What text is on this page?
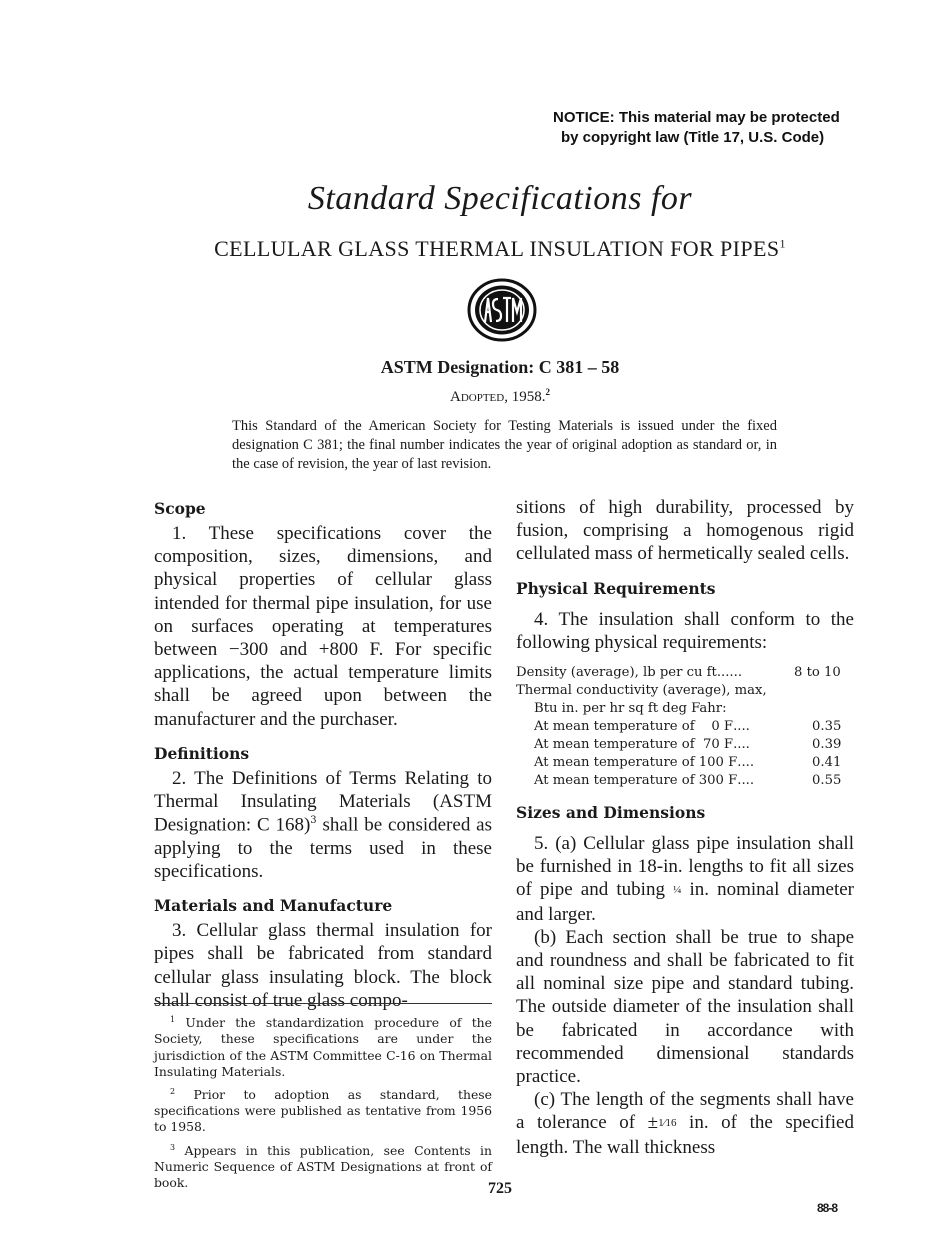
NOTICE: This material may be protected
by copyright law (Title 17, U.S. Code)
Standard Specifications for
CELLULAR GLASS THERMAL INSULATION FOR PIPES$^1$
ASTM Designation: C 381 – 58
Adopted, 1958.$^2$
This Standard of the American Society for Testing Materials is issued under the fixed designation C 381; the final number indicates the year of original adoption as standard or, in the case of revision, the year of last revision.
Scope

1. These specifications cover the composition, sizes, dimensions, and physical properties of cellular glass intended for thermal pipe insulation, for use on surfaces operating at temperatures between −300 and +800 F. For specific applications, the actual temperature limits shall be agreed upon between the manufacturer and the purchaser.

Definitions

2. The Definitions of Terms Relating to Thermal Insulating Materials (ASTM Designation: C 168)$^3$ shall be considered as applying to the terms used in these specifications.

Materials and Manufacture

3. Cellular glass thermal insulation for pipes shall be fabricated from standard cellular glass insulating block. The block shall consist of true glass compo-

$^1$ Under the standardization procedure of the Society, these specifications are under the jurisdiction of the ASTM Committee C-16 on Thermal Insulating Materials.
$^2$ Prior to adoption as standard, these specifications were published as tentative from 1956 to 1958.
$^3$ Appears in this publication, see Contents in Numeric Sequence of ASTM Designations at front of book.

sitions of high durability, processed by fusion, comprising a homogenous rigid cellulated mass of hermetically sealed cells.

Physical Requirements

4. The insulation shall conform to the following physical requirements:

Density (average), lb per cu ft ......	8 to 10
Thermal conductivity (average), max,
Btu in. per hr sq ft deg Fahr:
At mean temperature of    0 F ....	0.35
At mean temperature of  70 F ....	0.39
At mean temperature of 100 F ....	0.41
At mean temperature of 300 F ....	0.55
Sizes and Dimensions

5. (a) Cellular glass pipe insulation shall be furnished in 18-in. lengths to fit all sizes of pipe and tubing ¼ in. nominal diameter and larger.

(b) Each section shall be true to shape and roundness and shall be fabricated to fit all nominal size pipe and standard tubing. The outside diameter of the insulation shall be fabricated in accordance with recommended dimensional standards practice.

(c) The length of the segments shall have a tolerance of ±1⁄16 in. of the specified length. The wall thickness

725
88-8
